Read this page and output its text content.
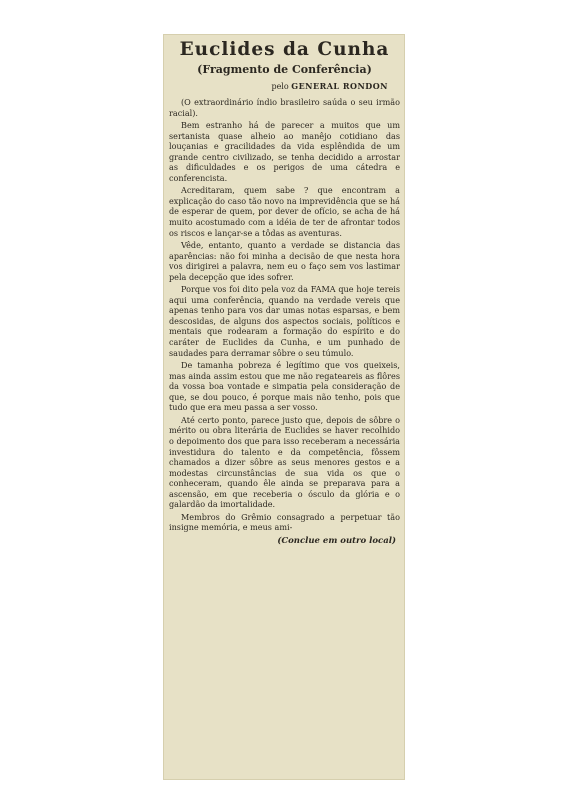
Euclides da Cunha
(Fragmento de Conferência)
pelo GENERAL RONDON

(O extraordinário índio brasileiro saúda o seu irmão racial).

Bem estranho há de parecer a muitos que um sertanista quase alheio ao manêjo cotidiano das louçanias e gracilidades da vida esplêndida de um grande centro civilizado, se tenha decidido a arrostar as dificuldades e os perigos de uma cátedra e conferencista.

Acreditaram, quem sabe ? que encontram a explicação do caso tão novo na imprevidência que se há de esperar de quem, por dever de ofício, se acha de há muito acostumado com a idéia de ter de afrontar todos os riscos e lançar-se a tôdas as aventuras.

Vêde, entanto, quanto a verdade se distancia das aparências: não foi minha a decisão de que nesta hora vos dirigirei a palavra, nem eu o faço sem vos lastimar pela decepção que ides sofrer.

Porque vos foi dito pela voz da FAMA que hoje tereis aqui uma conferência, quando na verdade vereis que apenas tenho para vos dar umas notas esparsas, e bem descosidas, de alguns dos aspectos sociais, políticos e mentais que rodearam a formação do espírito e do caráter de Euclides da Cunha, e um punhado de saudades para derramar sôbre o seu túmulo.

De tamanha pobreza é legítimo que vos queixeis, mas ainda assim estou que me não regateareis as flôres da vossa boa vontade e simpatia pela consideração de que, se dou pouco, é porque mais não tenho, pois que tudo que era meu passa a ser vosso.

Até certo ponto, parece justo que, depois de sôbre o mérito ou obra literária de Euclides se haver recolhido o depoimento dos que para isso receberam a necessária investidura do talento e da competência, fôssem chamados a dizer sôbre as seus menores gestos e a modestas circunstâncias de sua vida os que o conheceram, quando êle ainda se preparava para a ascensão, em que receberia o ósculo da glória e o galardão da imortalidade.

Membros do Grêmio consagrado a perpetuar tão insigne memória, e meus ami-

(Conclue em outro local)
